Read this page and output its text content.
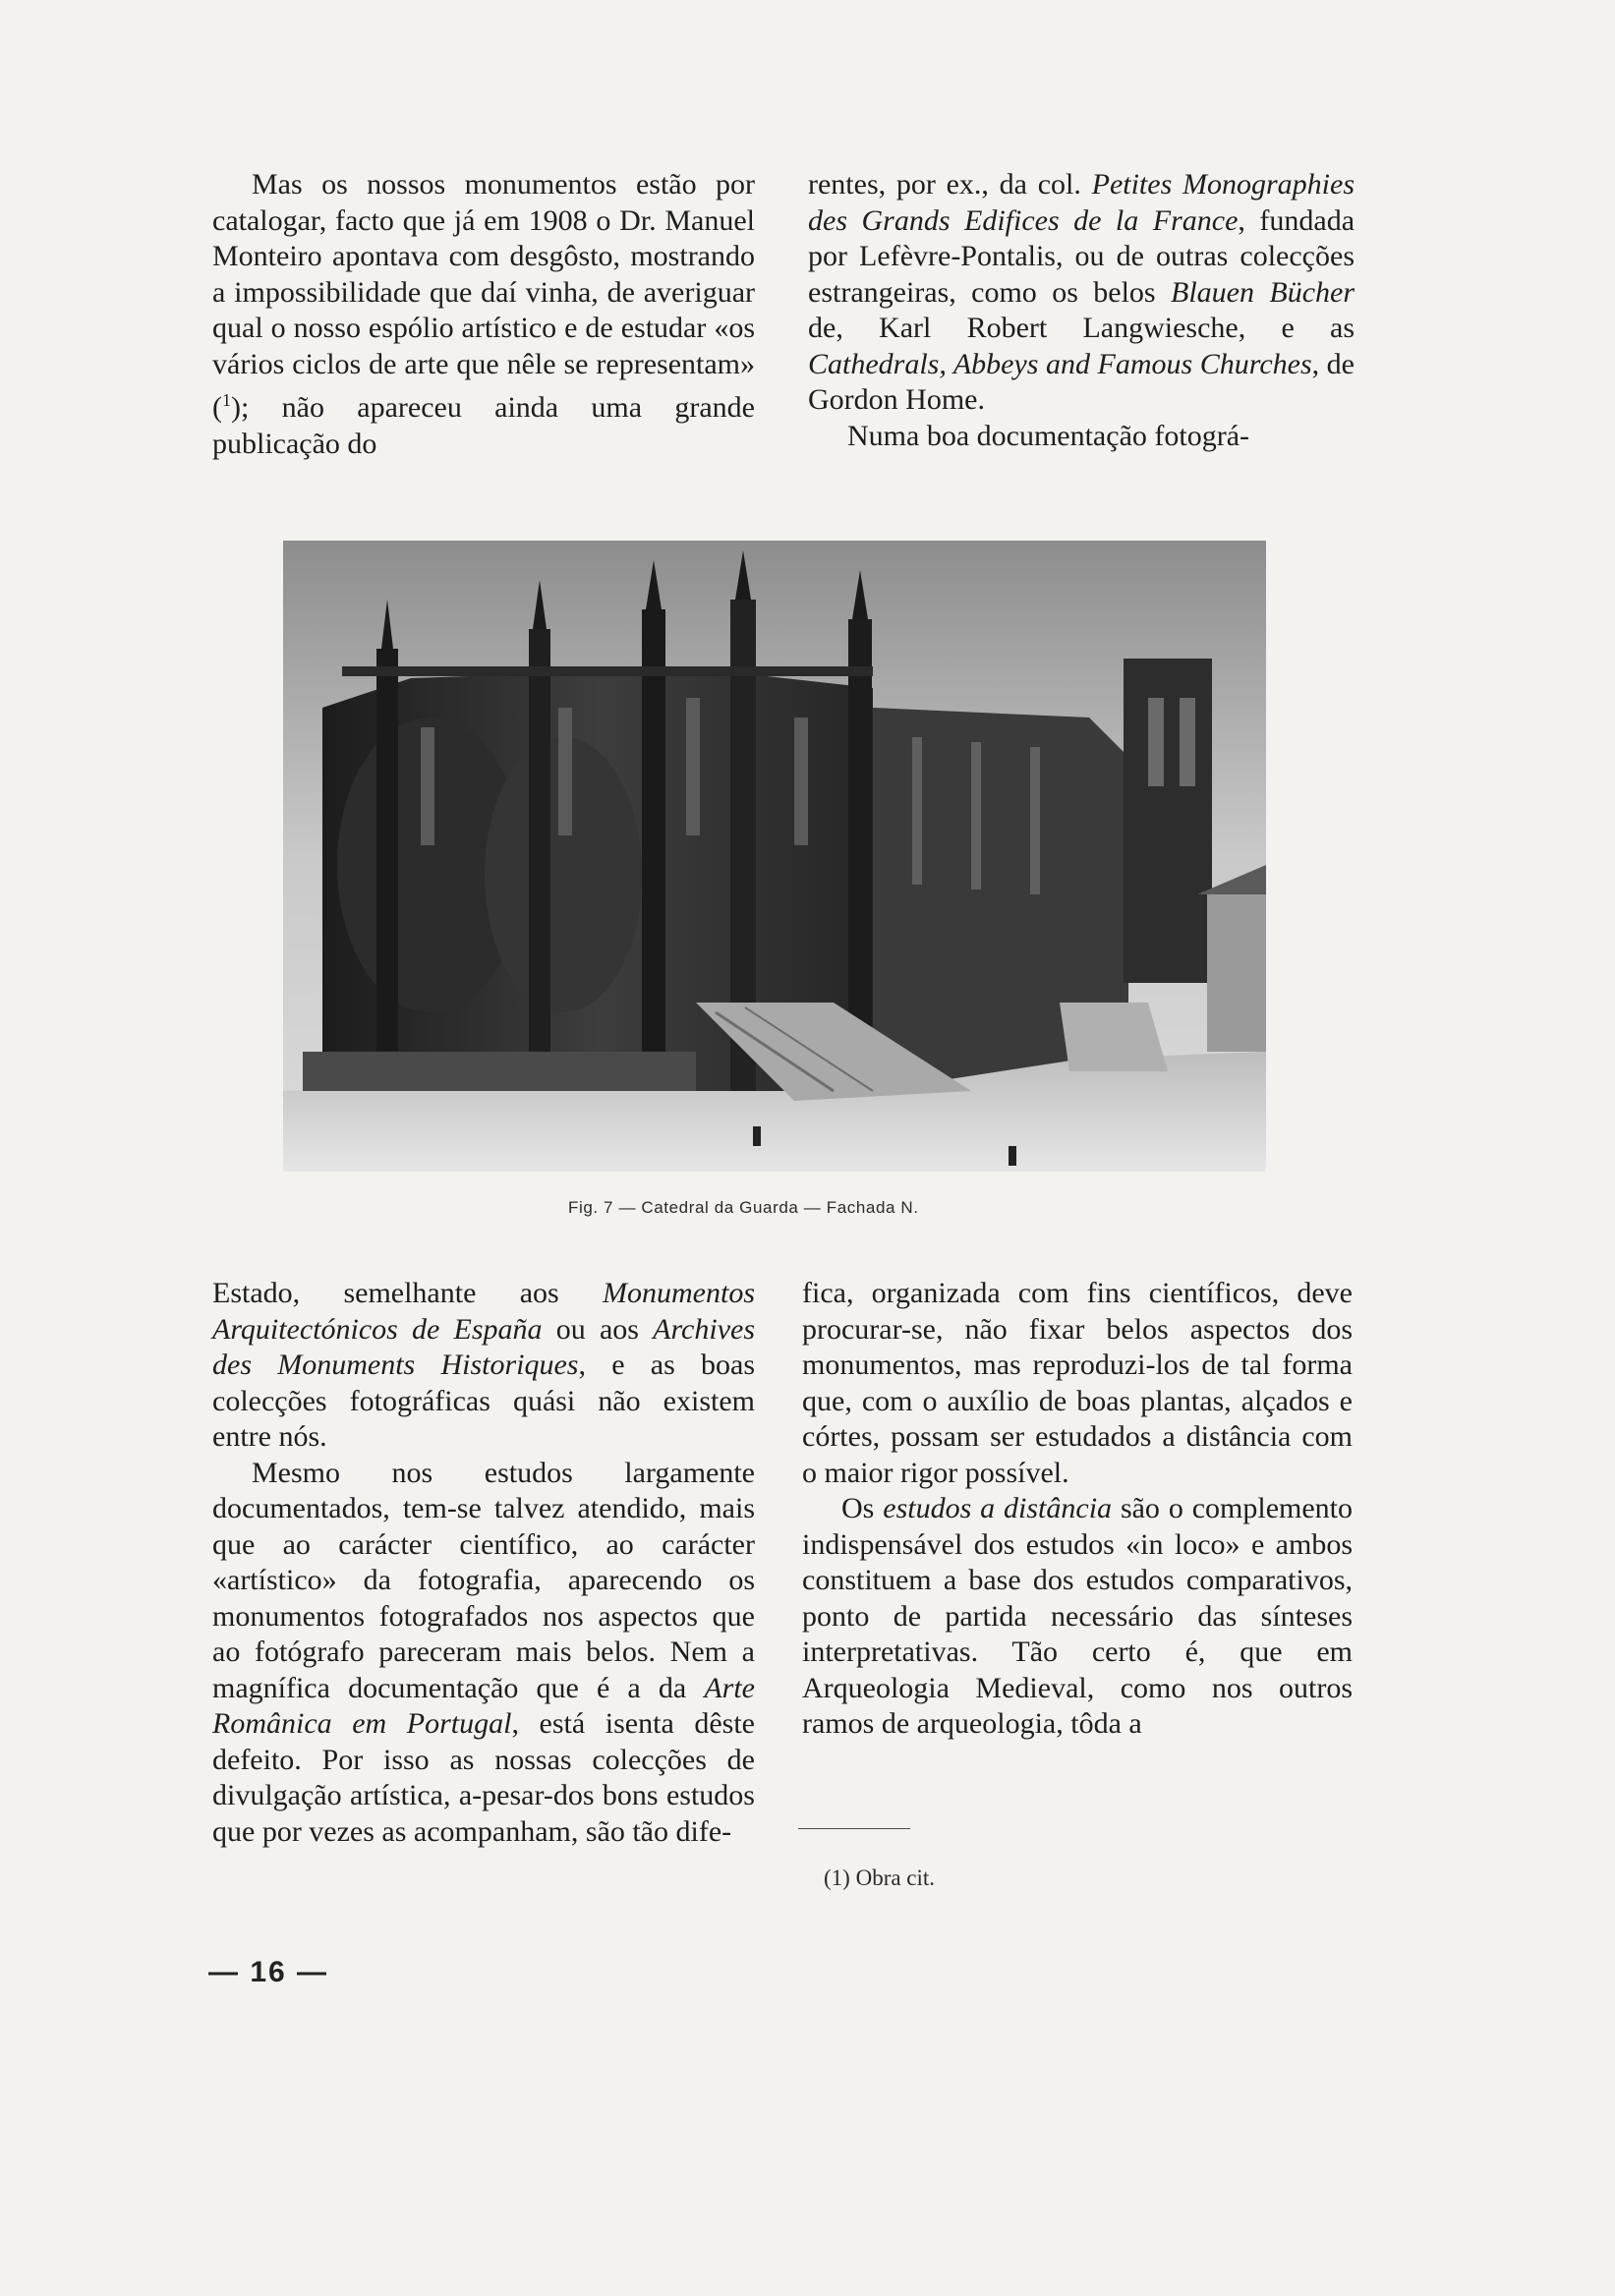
Mas os nossos monumentos estão por catalogar, facto que já em 1908 o Dr. Manuel Monteiro apontava com desgôsto, mostrando a impossibilidade que daí vinha, de averiguar qual o nosso espólio artístico e de estudar «os vários ciclos de arte que nêle se representam» ($^1$); não apareceu ainda uma grande publicação do

rentes, por ex., da col. Petites Monographies des Grands Edifices de la France, fundada por Lefèvre-Pontalis, ou de outras colecções estrangeiras, como os belos Blauen Bücher de, Karl Robert Langwiesche, e as Cathedrals, Abbeys and Famous Churches, de Gordon Home.

Numa boa documentação fotográ-

Fig. 7 — Catedral da Guarda — Fachada N.

Estado, semelhante aos Monumentos Arquitectónicos de España ou aos Archives des Monuments Historiques, e as boas colecções fotográficas quási não existem entre nós.

Mesmo nos estudos largamente documentados, tem-se talvez atendido, mais que ao carácter científico, ao carácter «artístico» da fotografia, aparecendo os monumentos fotografados nos aspectos que ao fotógrafo pareceram mais belos. Nem a magnífica documentação que é a da Arte Românica em Portugal, está isenta dêste defeito. Por isso as nossas colecções de divulgação artística, a-pesar-dos bons estudos que por vezes as acompanham, são tão dife-

fica, organizada com fins científicos, deve procurar-se, não fixar belos aspectos dos monumentos, mas reproduzi-los de tal forma que, com o auxílio de boas plantas, alçados e córtes, possam ser estudados a distância com o maior rigor possível.

Os estudos a distância são o complemento indispensável dos estudos «in loco» e ambos constituem a base dos estudos comparativos, ponto de partida necessário das sínteses interpretativas. Tão certo é, que em Arqueologia Medieval, como nos outros ramos de arqueologia, tôda a

(1) Obra cit.
— 16 —
